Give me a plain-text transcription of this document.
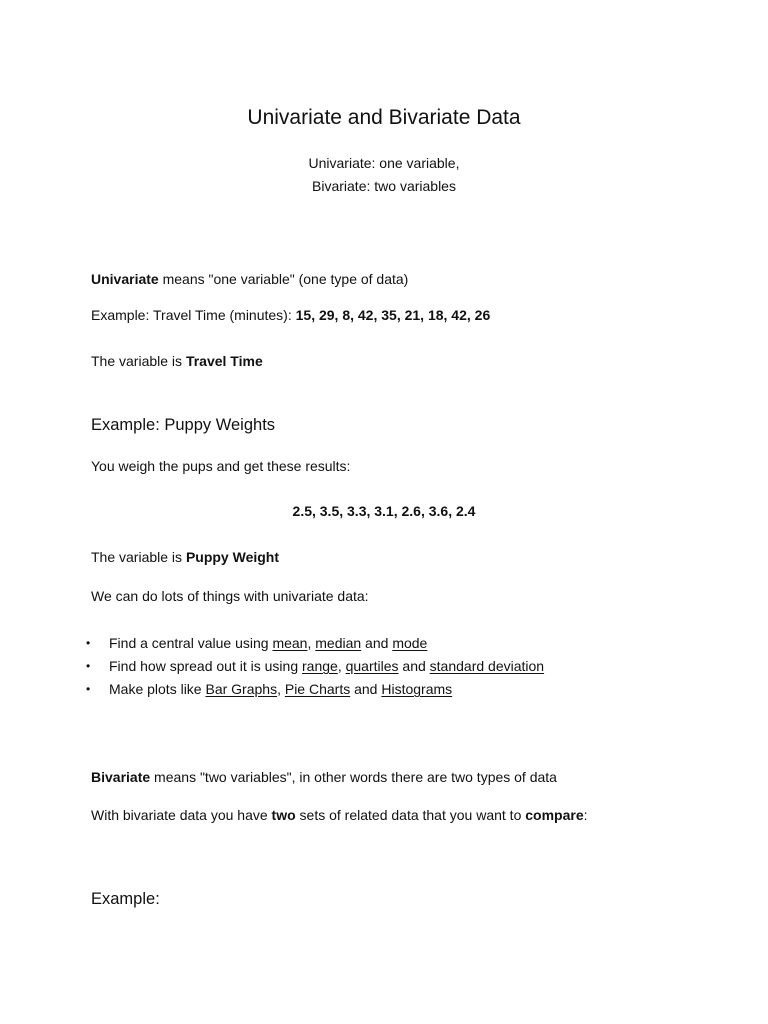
Univariate and Bivariate Data
Univariate: one variable,
Bivariate: two variables
Univariate means "one variable" (one type of data)
Example: Travel Time (minutes): 15, 29, 8, 42, 35, 21, 18, 42, 26
The variable is Travel Time
Example: Puppy Weights
You weigh the pups and get these results:
2.5, 3.5, 3.3, 3.1, 2.6, 3.6, 2.4
The variable is Puppy Weight
We can do lots of things with univariate data:
• Find a central value using mean, median and mode
• Find how spread out it is using range, quartiles and standard deviation
• Make plots like Bar Graphs, Pie Charts and Histograms
Bivariate means "two variables", in other words there are two types of data
With bivariate data you have two sets of related data that you want to compare:
Example:
